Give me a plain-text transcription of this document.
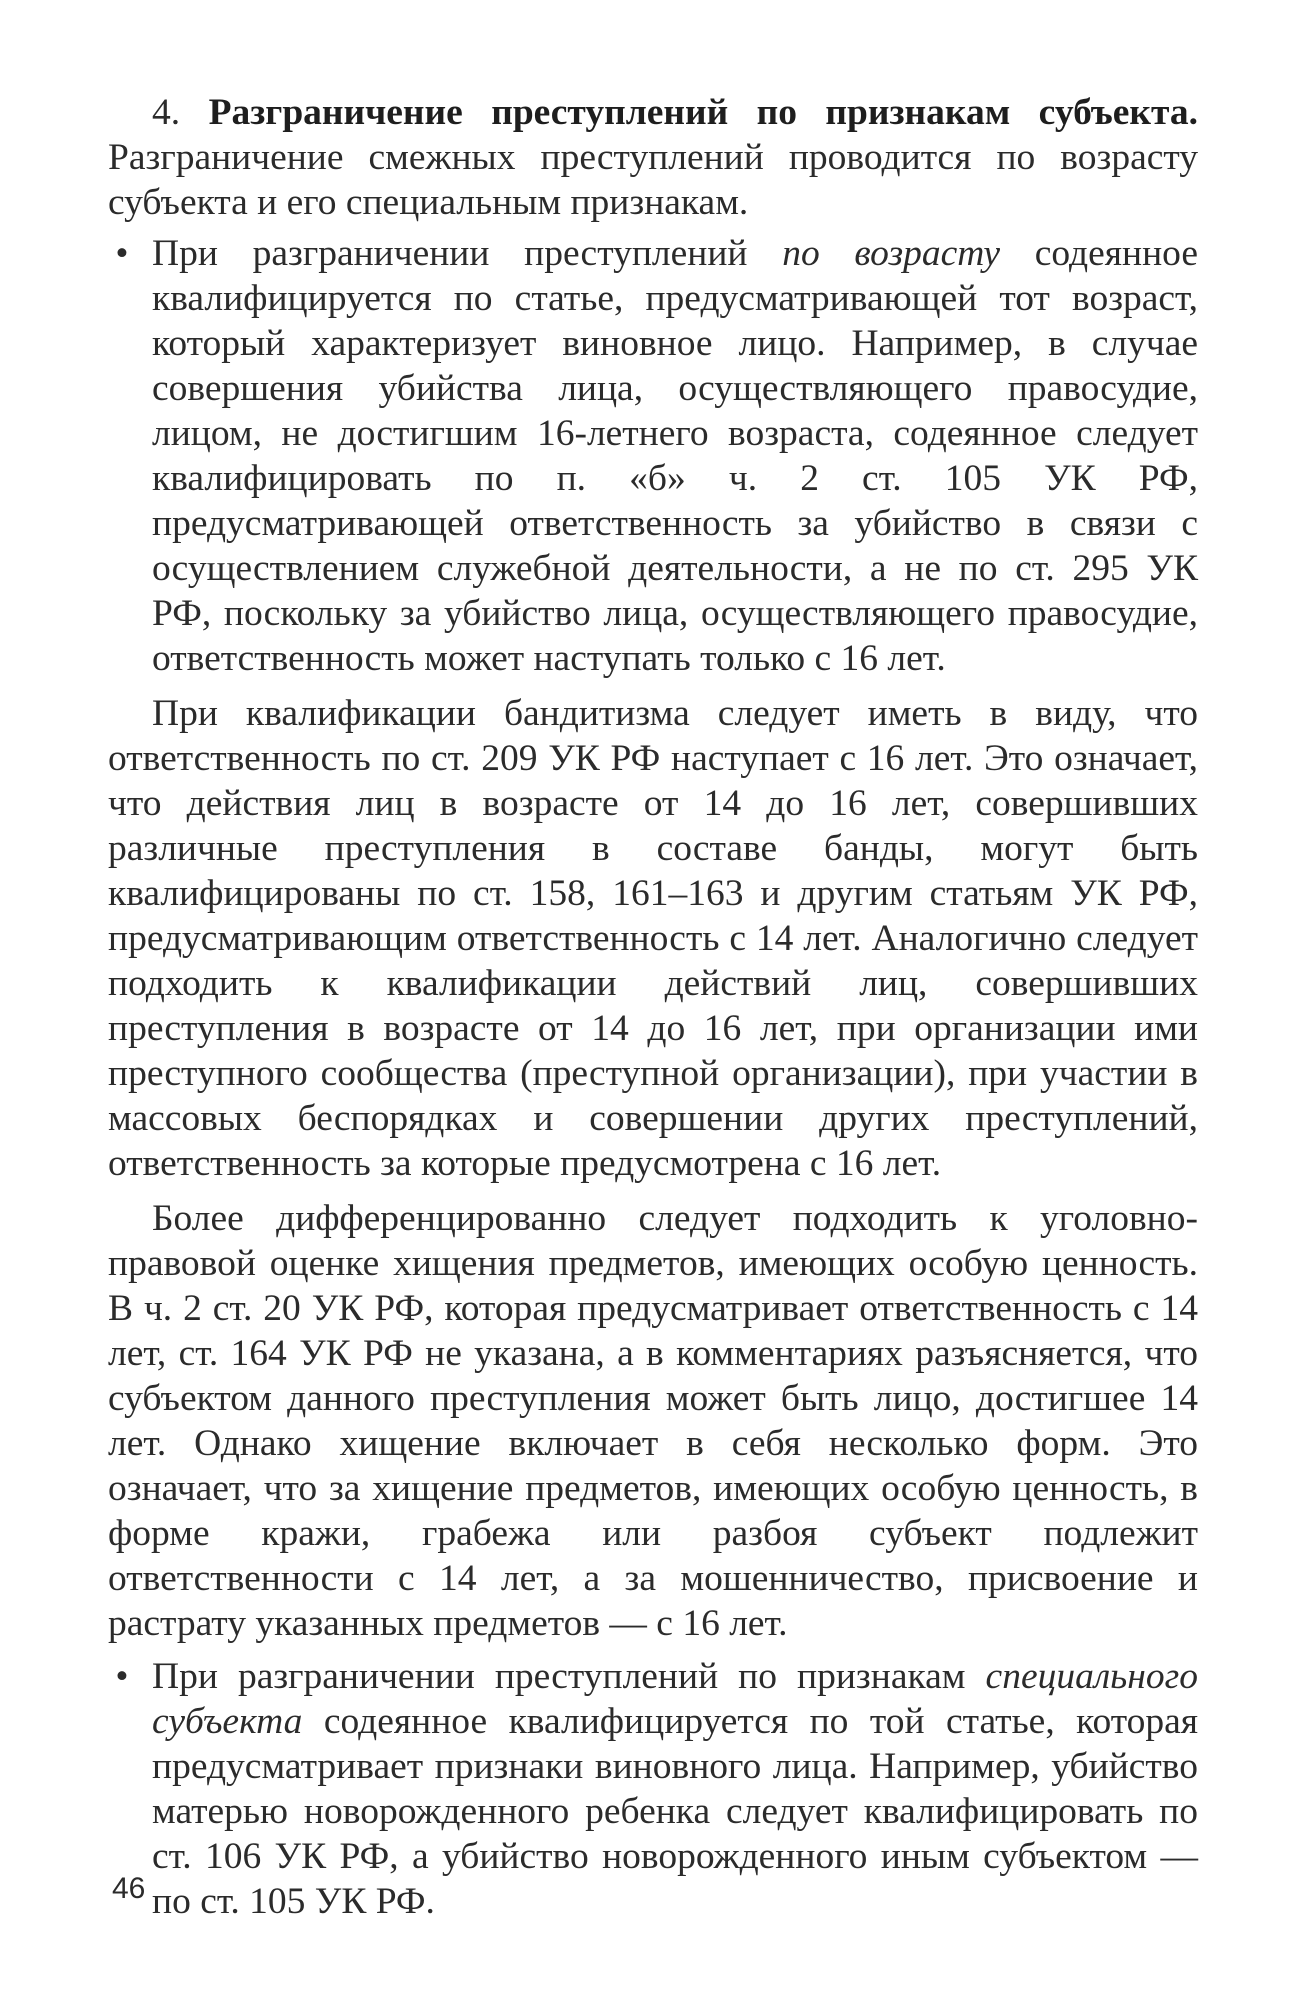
4. Разграничение преступлений по признакам субъекта. Разграничение смежных преступлений проводится по возрасту субъекта и его специальным признакам.

• При разграничении преступлений по возрасту содеянное квалифицируется по статье, предусматривающей тот возраст, который характеризует виновное лицо. Например, в случае совершения убийства лица, осуществляющего правосудие, лицом, не достигшим 16-летнего возраста, содеянное следует квалифицировать по п. «б» ч. 2 ст. 105 УК РФ, предусматривающей ответственность за убийство в связи с осуществлением служебной деятельности, а не по ст. 295 УК РФ, поскольку за убийство лица, осуществляющего правосудие, ответственность может наступать только с 16 лет.

При квалификации бандитизма следует иметь в виду, что ответственность по ст. 209 УК РФ наступает с 16 лет. Это означает, что действия лиц в возрасте от 14 до 16 лет, совершивших различные преступления в составе банды, могут быть квалифицированы по ст. 158, 161–163 и другим статьям УК РФ, предусматривающим ответственность с 14 лет. Аналогично следует подходить к квалификации действий лиц, совершивших преступления в возрасте от 14 до 16 лет, при организации ими преступного сообщества (преступной организации), при участии в массовых беспорядках и совершении других преступлений, ответственность за которые предусмотрена с 16 лет.

Более дифференцированно следует подходить к уголовно-правовой оценке хищения предметов, имеющих особую ценность. В ч. 2 ст. 20 УК РФ, которая предусматривает ответственность с 14 лет, ст. 164 УК РФ не указана, а в комментариях разъясняется, что субъектом данного преступления может быть лицо, достигшее 14 лет. Однако хищение включает в себя несколько форм. Это означает, что за хищение предметов, имеющих особую ценность, в форме кражи, грабежа или разбоя субъект подлежит ответственности с 14 лет, а за мошенничество, присвоение и растрату указанных предметов — с 16 лет.

• При разграничении преступлений по признакам специального субъекта содеянное квалифицируется по той статье, которая предусматривает признаки виновного лица. Например, убийство матерью новорожденного ребенка следует квалифицировать по ст. 106 УК РФ, а убийство новорожденного иным субъектом — по ст. 105 УК РФ.
46
